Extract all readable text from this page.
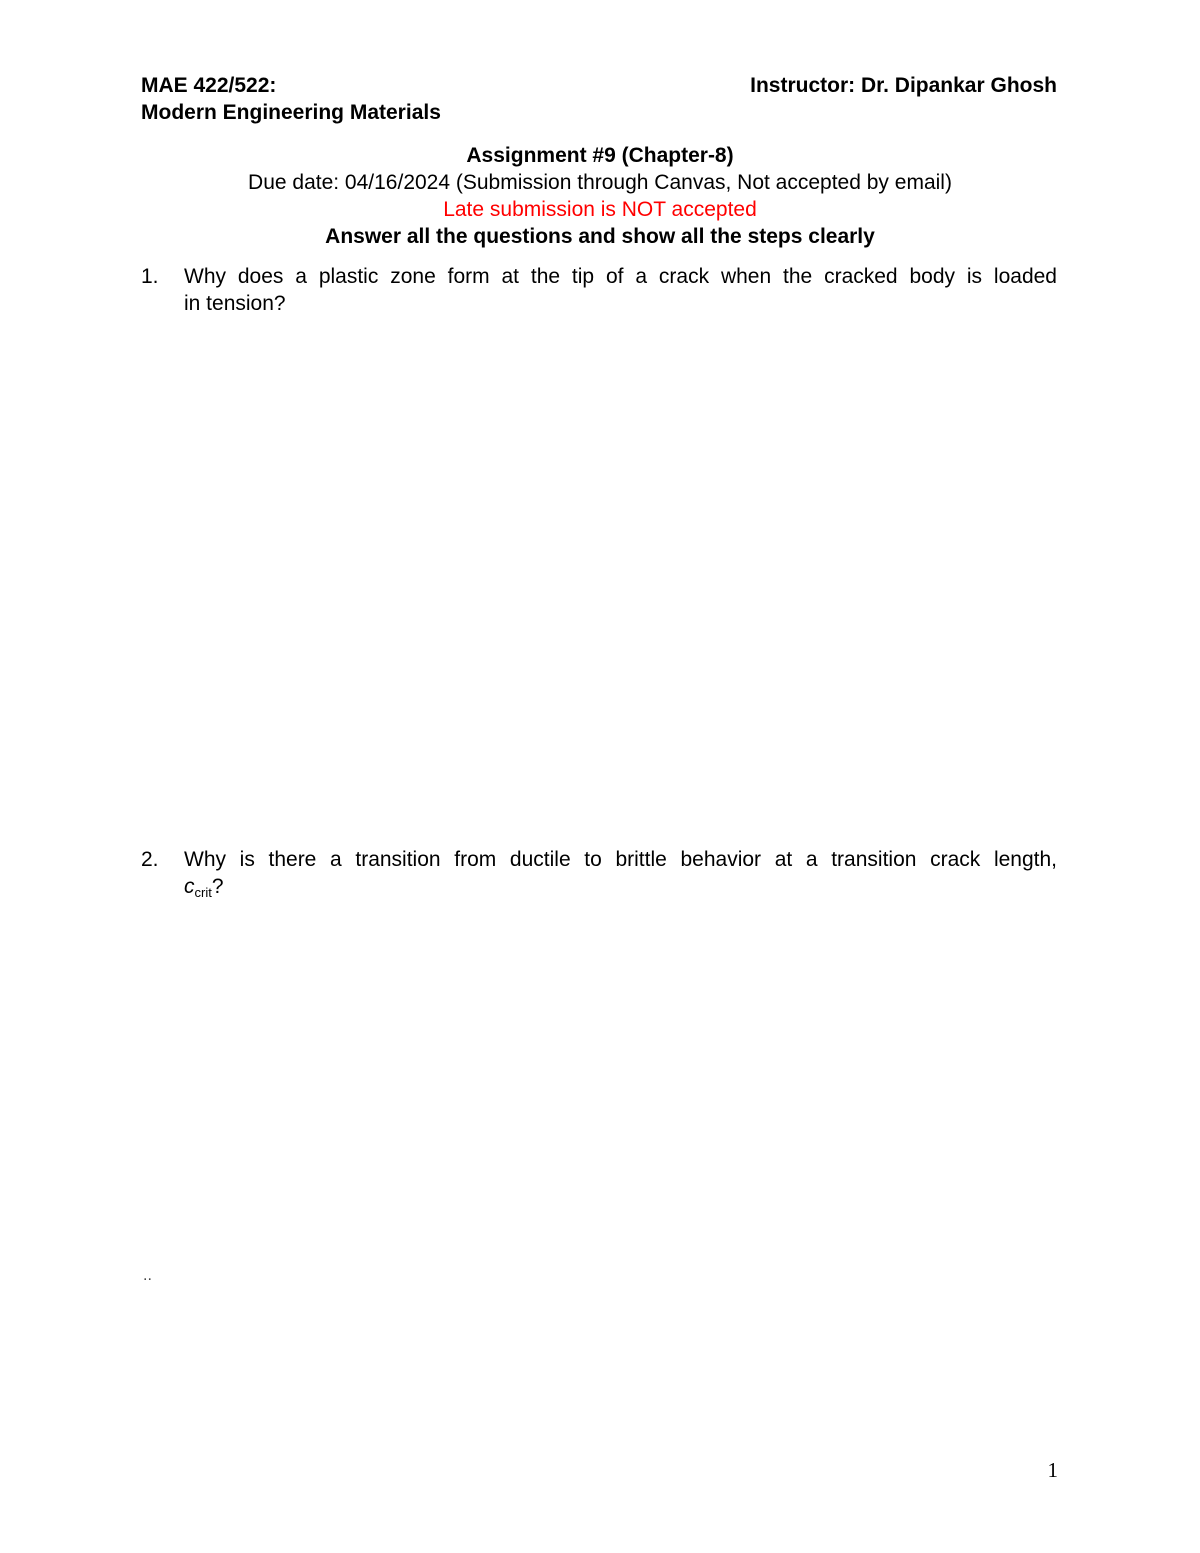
MAE 422/522:
Modern Engineering Materials
Instructor: Dr. Dipankar Ghosh
Assignment #9 (Chapter-8)
Due date: 04/16/2024 (Submission through Canvas, Not accepted by email)
Late submission is NOT accepted
Answer all the questions and show all the steps clearly
1. Why does a plastic zone form at the tip of a crack when the cracked body is loaded
in tension?
2. Why is there a transition from ductile to brittle behavior at a transition crack length,
ccrit?
..
1
